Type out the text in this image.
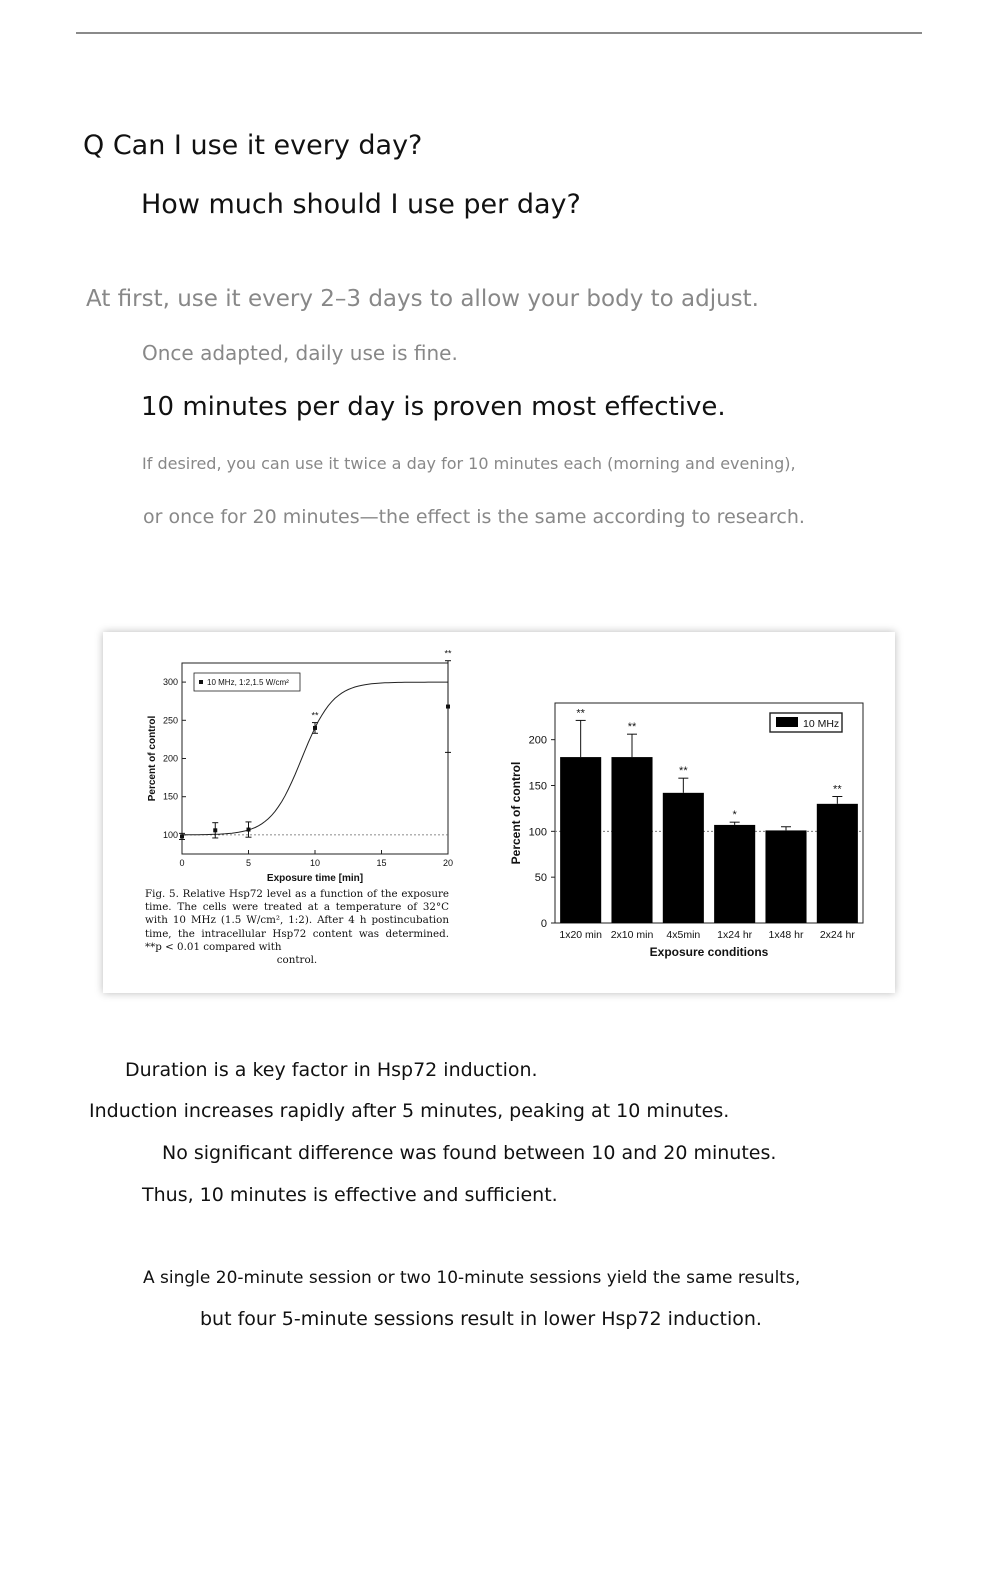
Q Can I use it every day?
How much should I use per day?
At first, use it every 2–3 days to allow your body to adjust.
Once adapted, daily use is fine.
10 minutes per day is proven most effective.
If desired, you can use it twice a day for 10 minutes each (morning and evening),
or once for 20 minutes—the effect is the same according to research.
100
150
200
250
300
0	5	10	15	20
Exposure time [min]
Percent of control
**
**
10 MHz, 1:2,1.5 W/cm²
0
50
100
150
200
**
1x20 min
**
2x10 min
**
4x5min
*
1x24 hr 1x48 hr
**
2x24 hr
Exposure conditions
Percent of control
10 MHz
Fig. 5. Relative Hsp72 level as a function of the exposure time. The cells were treated at a temperature of 32°C with 10 MHz (1.5 W/cm², 1:2). After 4 h postincubation time, the intracellular Hsp72 content was determined. **p < 0.01 compared with
control.
Duration is a key factor in Hsp72 induction.
Induction increases rapidly after 5 minutes, peaking at 10 minutes.
No significant difference was found between 10 and 20 minutes.
Thus, 10 minutes is effective and sufficient.
A single 20-minute session or two 10-minute sessions yield the same results,
but four 5-minute sessions result in lower Hsp72 induction.
